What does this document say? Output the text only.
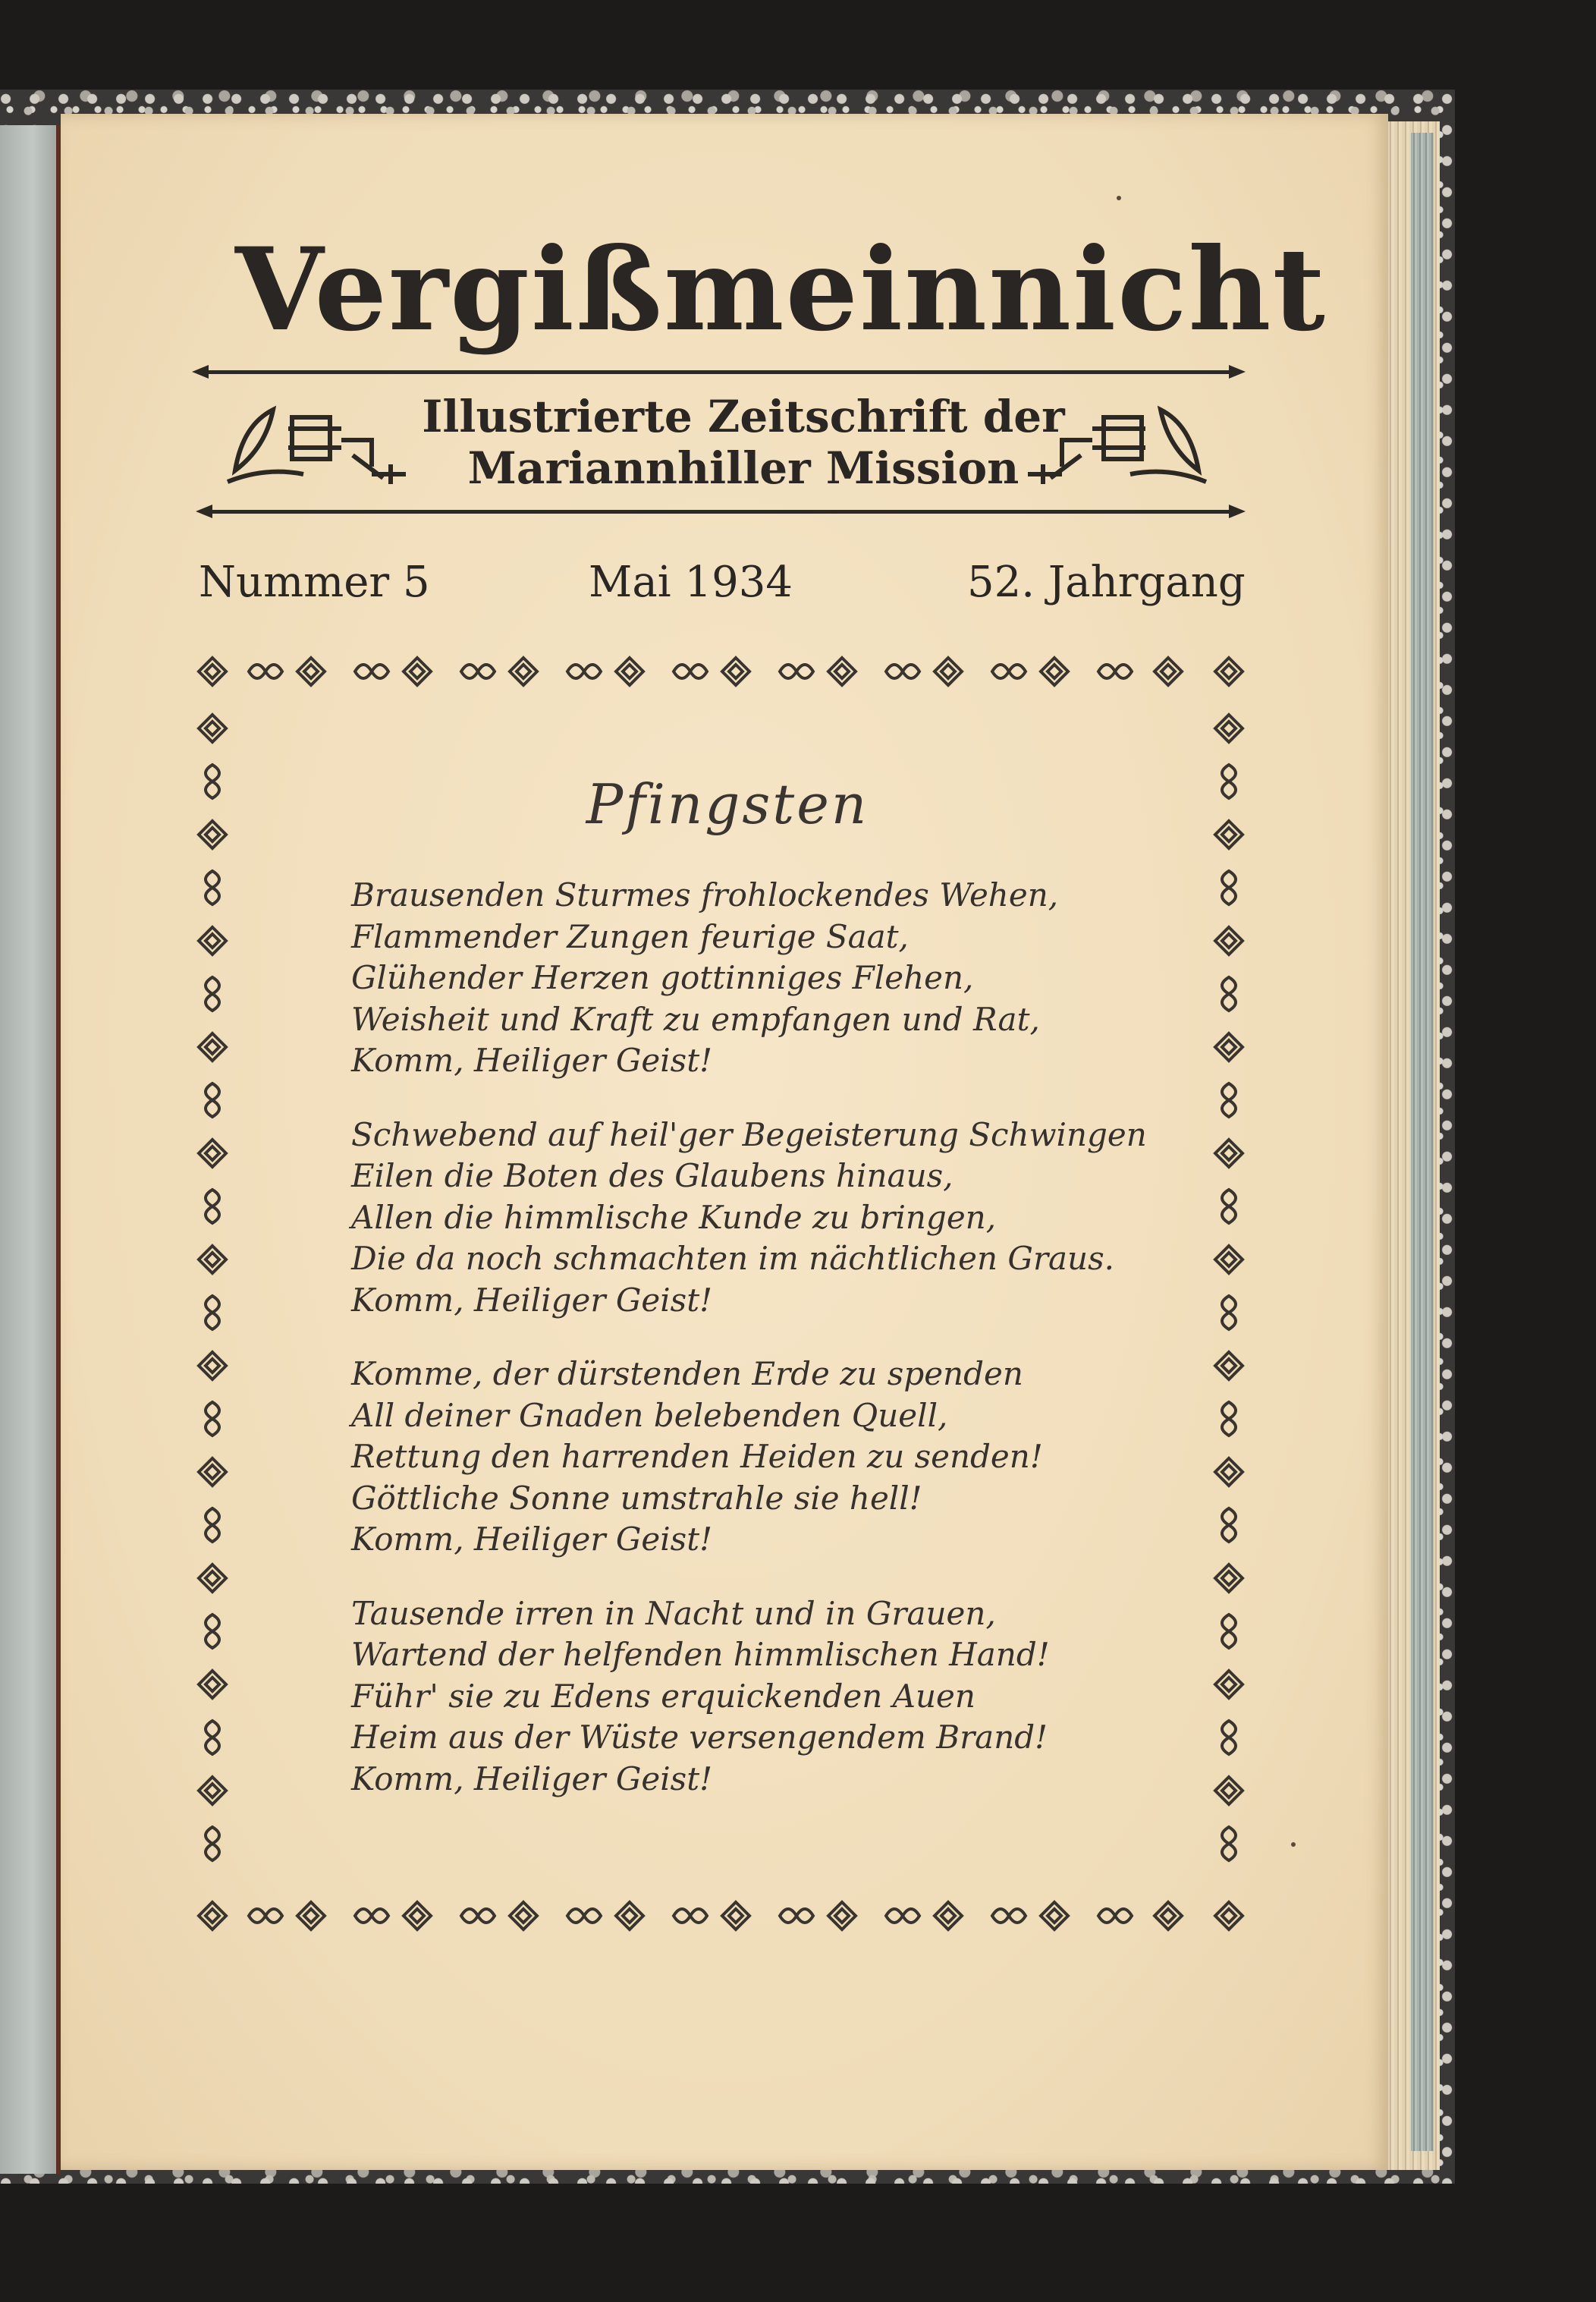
Vergißmeinnicht
Illustrierte Zeitschrift der
Mariannhiller Mission
Nummer 5	Mai 1934	52. Jahrgang
Pfingsten
Brausenden Sturmes frohlockendes Wehen,
Flammender Zungen feurige Saat,
Glühender Herzen gottinniges Flehen,
Weisheit und Kraft zu empfangen und Rat,
Komm, Heiliger Geist!
Schwebend auf heil'ger Begeisterung Schwingen
Eilen die Boten des Glaubens hinaus,
Allen die himmlische Kunde zu bringen,
Die da noch schmachten im nächtlichen Graus.
Komm, Heiliger Geist!
Komme, der dürstenden Erde zu spenden
All deiner Gnaden belebenden Quell,
Rettung den harrenden Heiden zu senden!
Göttliche Sonne umstrahle sie hell!
Komm, Heiliger Geist!
Tausende irren in Nacht und in Grauen,
Wartend der helfenden himmlischen Hand!
Führ' sie zu Edens erquickenden Auen
Heim aus der Wüste versengendem Brand!
Komm, Heiliger Geist!
